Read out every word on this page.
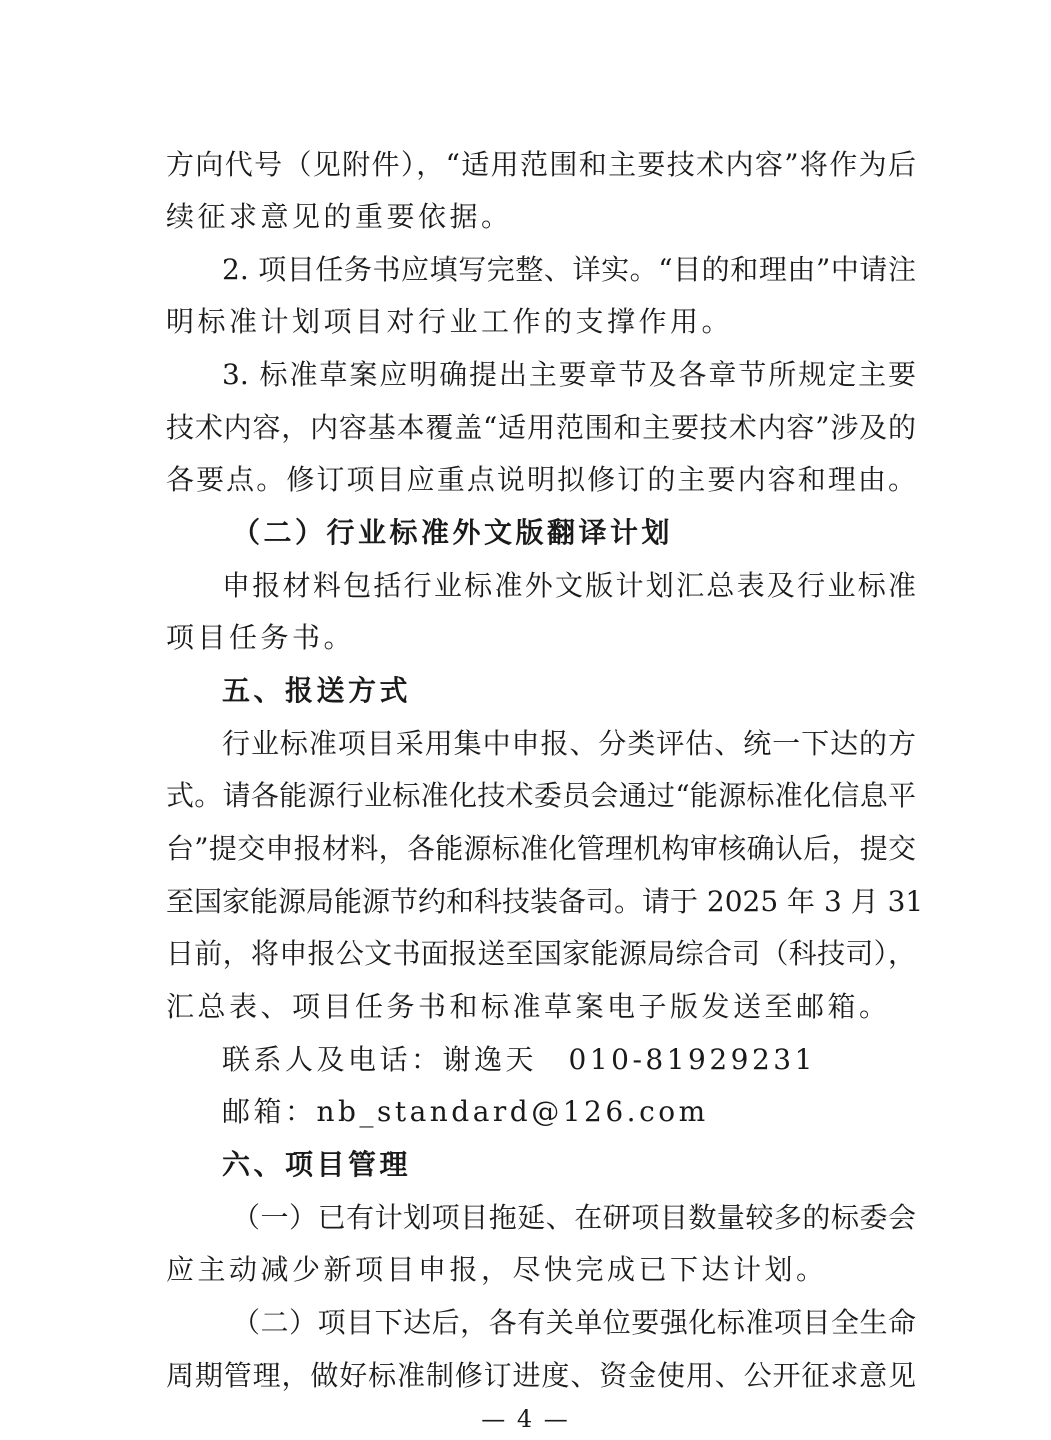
方向代号（见附件），“适用范围和主要技术内容”将作为后
续征求意见的重要依据。
2. 项目任务书应填写完整、详实。“目的和理由”中请注
明标准计划项目对行业工作的支撑作用。
3. 标准草案应明确提出主要章节及各章节所规定主要
技术内容，内容基本覆盖“适用范围和主要技术内容”涉及的
各要点。修订项目应重点说明拟修订的主要内容和理由。
（二）行业标准外文版翻译计划
申报材料包括行业标准外文版计划汇总表及行业标准
项目任务书。
五、报送方式
行业标准项目采用集中申报、分类评估、统一下达的方
式。请各能源行业标准化技术委员会通过“能源标准化信息平
台”提交申报材料，各能源标准化管理机构审核确认后，提交
至国家能源局能源节约和科技装备司。请于 2025 年 3 月 31
日前，将申报公文书面报送至国家能源局综合司（科技司），
汇总表、项目任务书和标准草案电子版发送至邮箱。
联系人及电话：谢逸天　010-81929231
邮箱：nb_standard@126.com
六、项目管理
（一）已有计划项目拖延、在研项目数量较多的标委会
应主动减少新项目申报，尽快完成已下达计划。
（二）项目下达后，各有关单位要强化标准项目全生命
周期管理，做好标准制修订进度、资金使用、公开征求意见
— 4 —
